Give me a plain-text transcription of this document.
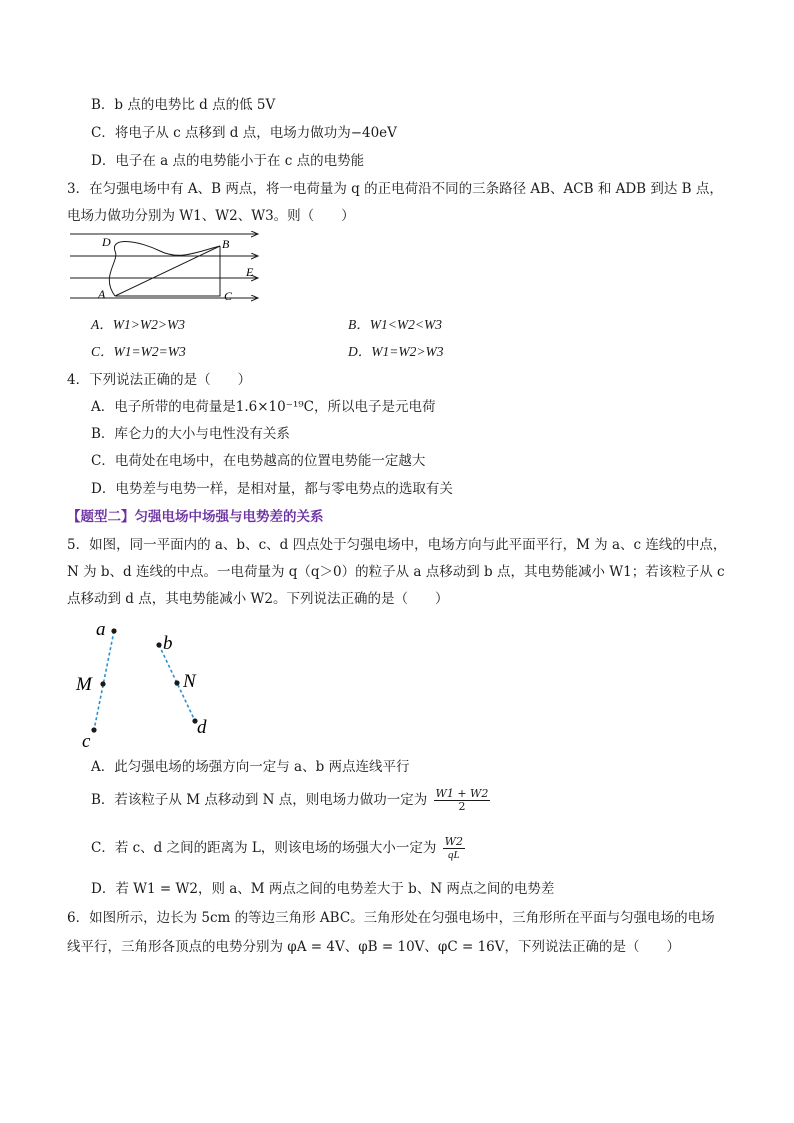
B．b 点的电势比 d 点的低 5V
C．将电子从 c 点移到 d 点，电场力做功为−40eV
D．电子在 a 点的电势能小于在 c 点的电势能
3．在匀强电场中有 A、B 两点，将一电荷量为 q 的正电荷沿不同的三条路径 AB、ACB 和 ADB 到达 B 点，
电场力做功分别为 W1、W2、W3。则（　　）
D	B
E
A	C
A．W1>W2>W3	B．W1<W2<W3
C．W1=W2=W3	D．W1=W2>W3
4．下列说法正确的是（　　）
A．电子所带的电荷量是1.6×10⁻¹⁹C，所以电子是元电荷
B．库仑力的大小与电性没有关系
C．电荷处在电场中，在电势越高的位置电势能一定越大
D．电势差与电势一样，是相对量，都与零电势点的选取有关
【题型二】匀强电场中场强与电势差的关系
5．如图，同一平面内的 a、b、c、d 四点处于匀强电场中，电场方向与此平面平行，M 为 a、c 连线的中点，
N 为 b、d 连线的中点。一电荷量为 q（q＞0）的粒子从 a 点移动到 b 点，其电势能减小 W1；若该粒子从 c
点移动到 d 点，其电势能减小 W2。下列说法正确的是（　　）
a
M
c
b
N
d
A．此匀强电场的场强方向一定与 a、b 两点连线平行
B．若该粒子从 M 点移动到 N 点，则电场力做功一定为 $\frac{W1 + W2}{2}$
C．若 c、d 之间的距离为 L，则该电场的场强大小一定为 $\frac{W2}{qL}$
D．若 W1 = W2，则 a、M 两点之间的电势差大于 b、N 两点之间的电势差
6．如图所示，边长为 5cm 的等边三角形 ABC。三角形处在匀强电场中，三角形所在平面与匀强电场的电场
线平行，三角形各顶点的电势分别为 φA = 4V、φB = 10V、φC = 16V，下列说法正确的是（　　）
